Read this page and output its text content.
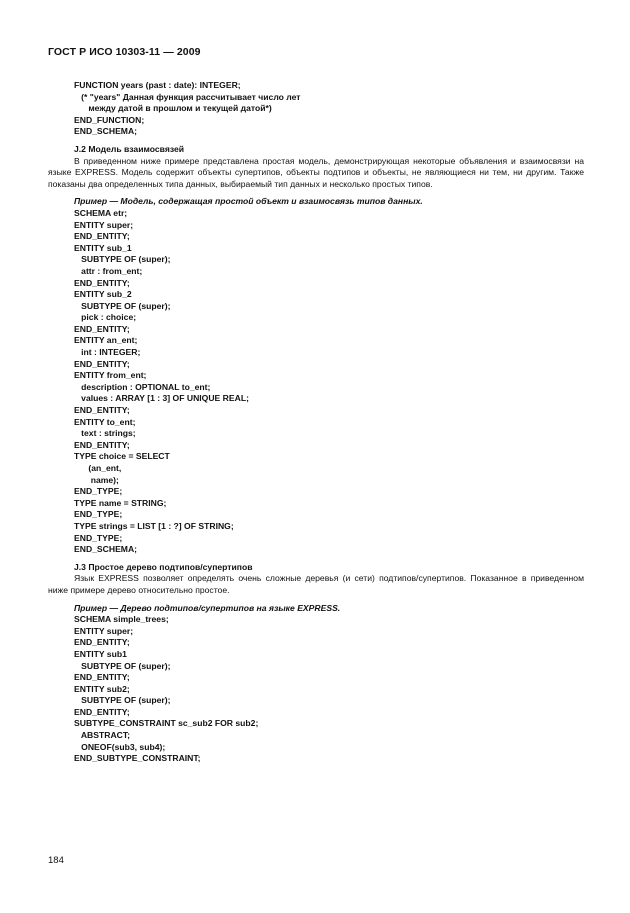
ГОСТ Р ИСО 10303-11 — 2009
FUNCTION years (past : date): INTEGER;
(* "years" Данная функция рассчитывает число лет
между датой в прошлом и текущей датой*)
END_FUNCTION;
END_SCHEMA;
J.2 Модель взаимосвязей
В приведенном ниже примере представлена простая модель, демонстрирующая некоторые объявления и взаимосвязи на языке EXPRESS. Модель содержит объекты супертипов, объекты подтипов и объекты, не являющиеся ни тем, ни другим. Также показаны два определенных типа данных, выбираемый тип данных и несколько простых типов.
Пример — Модель, содержащая простой объект и взаимосвязь типов данных.
SCHEMA etr;
ENTITY super;
END_ENTITY;
ENTITY sub_1
SUBTYPE OF (super);
attr : from_ent;
END_ENTITY;
ENTITY sub_2
SUBTYPE OF (super);
pick : choice;
END_ENTITY;
ENTITY an_ent;
int : INTEGER;
END_ENTITY;
ENTITY from_ent;
description : OPTIONAL to_ent;
values : ARRAY [1 : 3] OF UNIQUE REAL;
END_ENTITY;
ENTITY to_ent;
text : strings;
END_ENTITY;
TYPE choice = SELECT
(an_ent,
name);
END_TYPE;
TYPE name = STRING;
END_TYPE;
TYPE strings = LIST [1 : ?] OF STRING;
END_TYPE;
END_SCHEMA;
J.3 Простое дерево подтипов/супертипов
Язык EXPRESS позволяет определять очень сложные деревья (и сети) подтипов/супертипов. Показанное в приведенном ниже примере дерево относительно простое.
Пример — Дерево подтипов/супертипов на языке EXPRESS.
SCHEMA simple_trees;
ENTITY super;
END_ENTITY;
ENTITY sub1
SUBTYPE OF (super);
END_ENTITY;
ENTITY sub2;
SUBTYPE OF (super);
END_ENTITY;
SUBTYPE_CONSTRAINT sc_sub2 FOR sub2;
ABSTRACT;
ONEOF(sub3, sub4);
END_SUBTYPE_CONSTRAINT;
184
